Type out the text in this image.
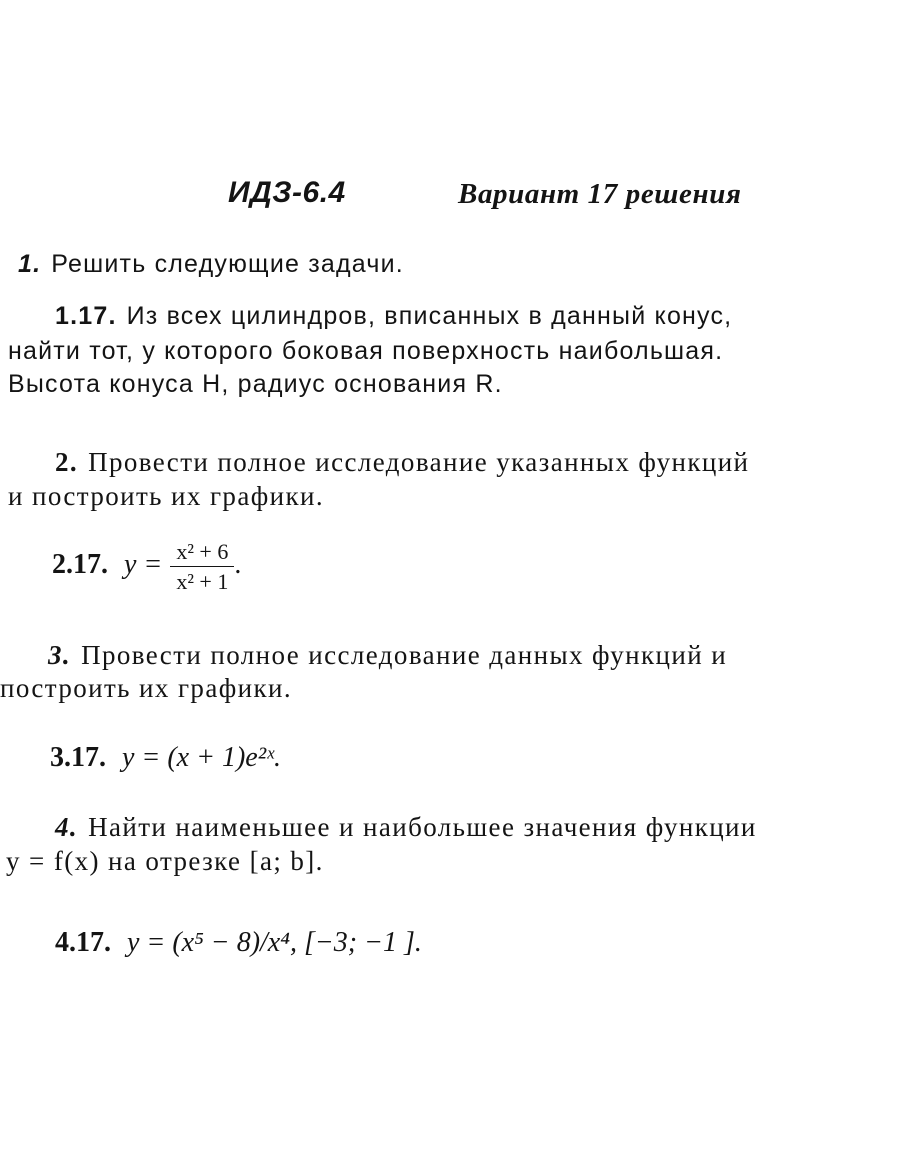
ИДЗ-6.4	Вариант 17 решения
1. Решить следующие задачи.
1.17. Из всех цилиндров, вписанных в данный конус,
найти тот, у которого боковая поверхность наибольшая.
Высота конуса H, радиус основания R.
2. Провести полное исследование указанных функций
и построить их графики.
2.17. $y = \frac{\text{x² + 6}}{\text{x² + 1}}$ .
3. Провести полное исследование данных функций и
построить их графики.
3.17. y = (x + 1)e²ˣ.
4. Найти наименьшее и наибольшее значения функции
y = f(x) на отрезке [a; b].
4.17. y = (x⁵ − 8)/x⁴, [−3; −1 ].
